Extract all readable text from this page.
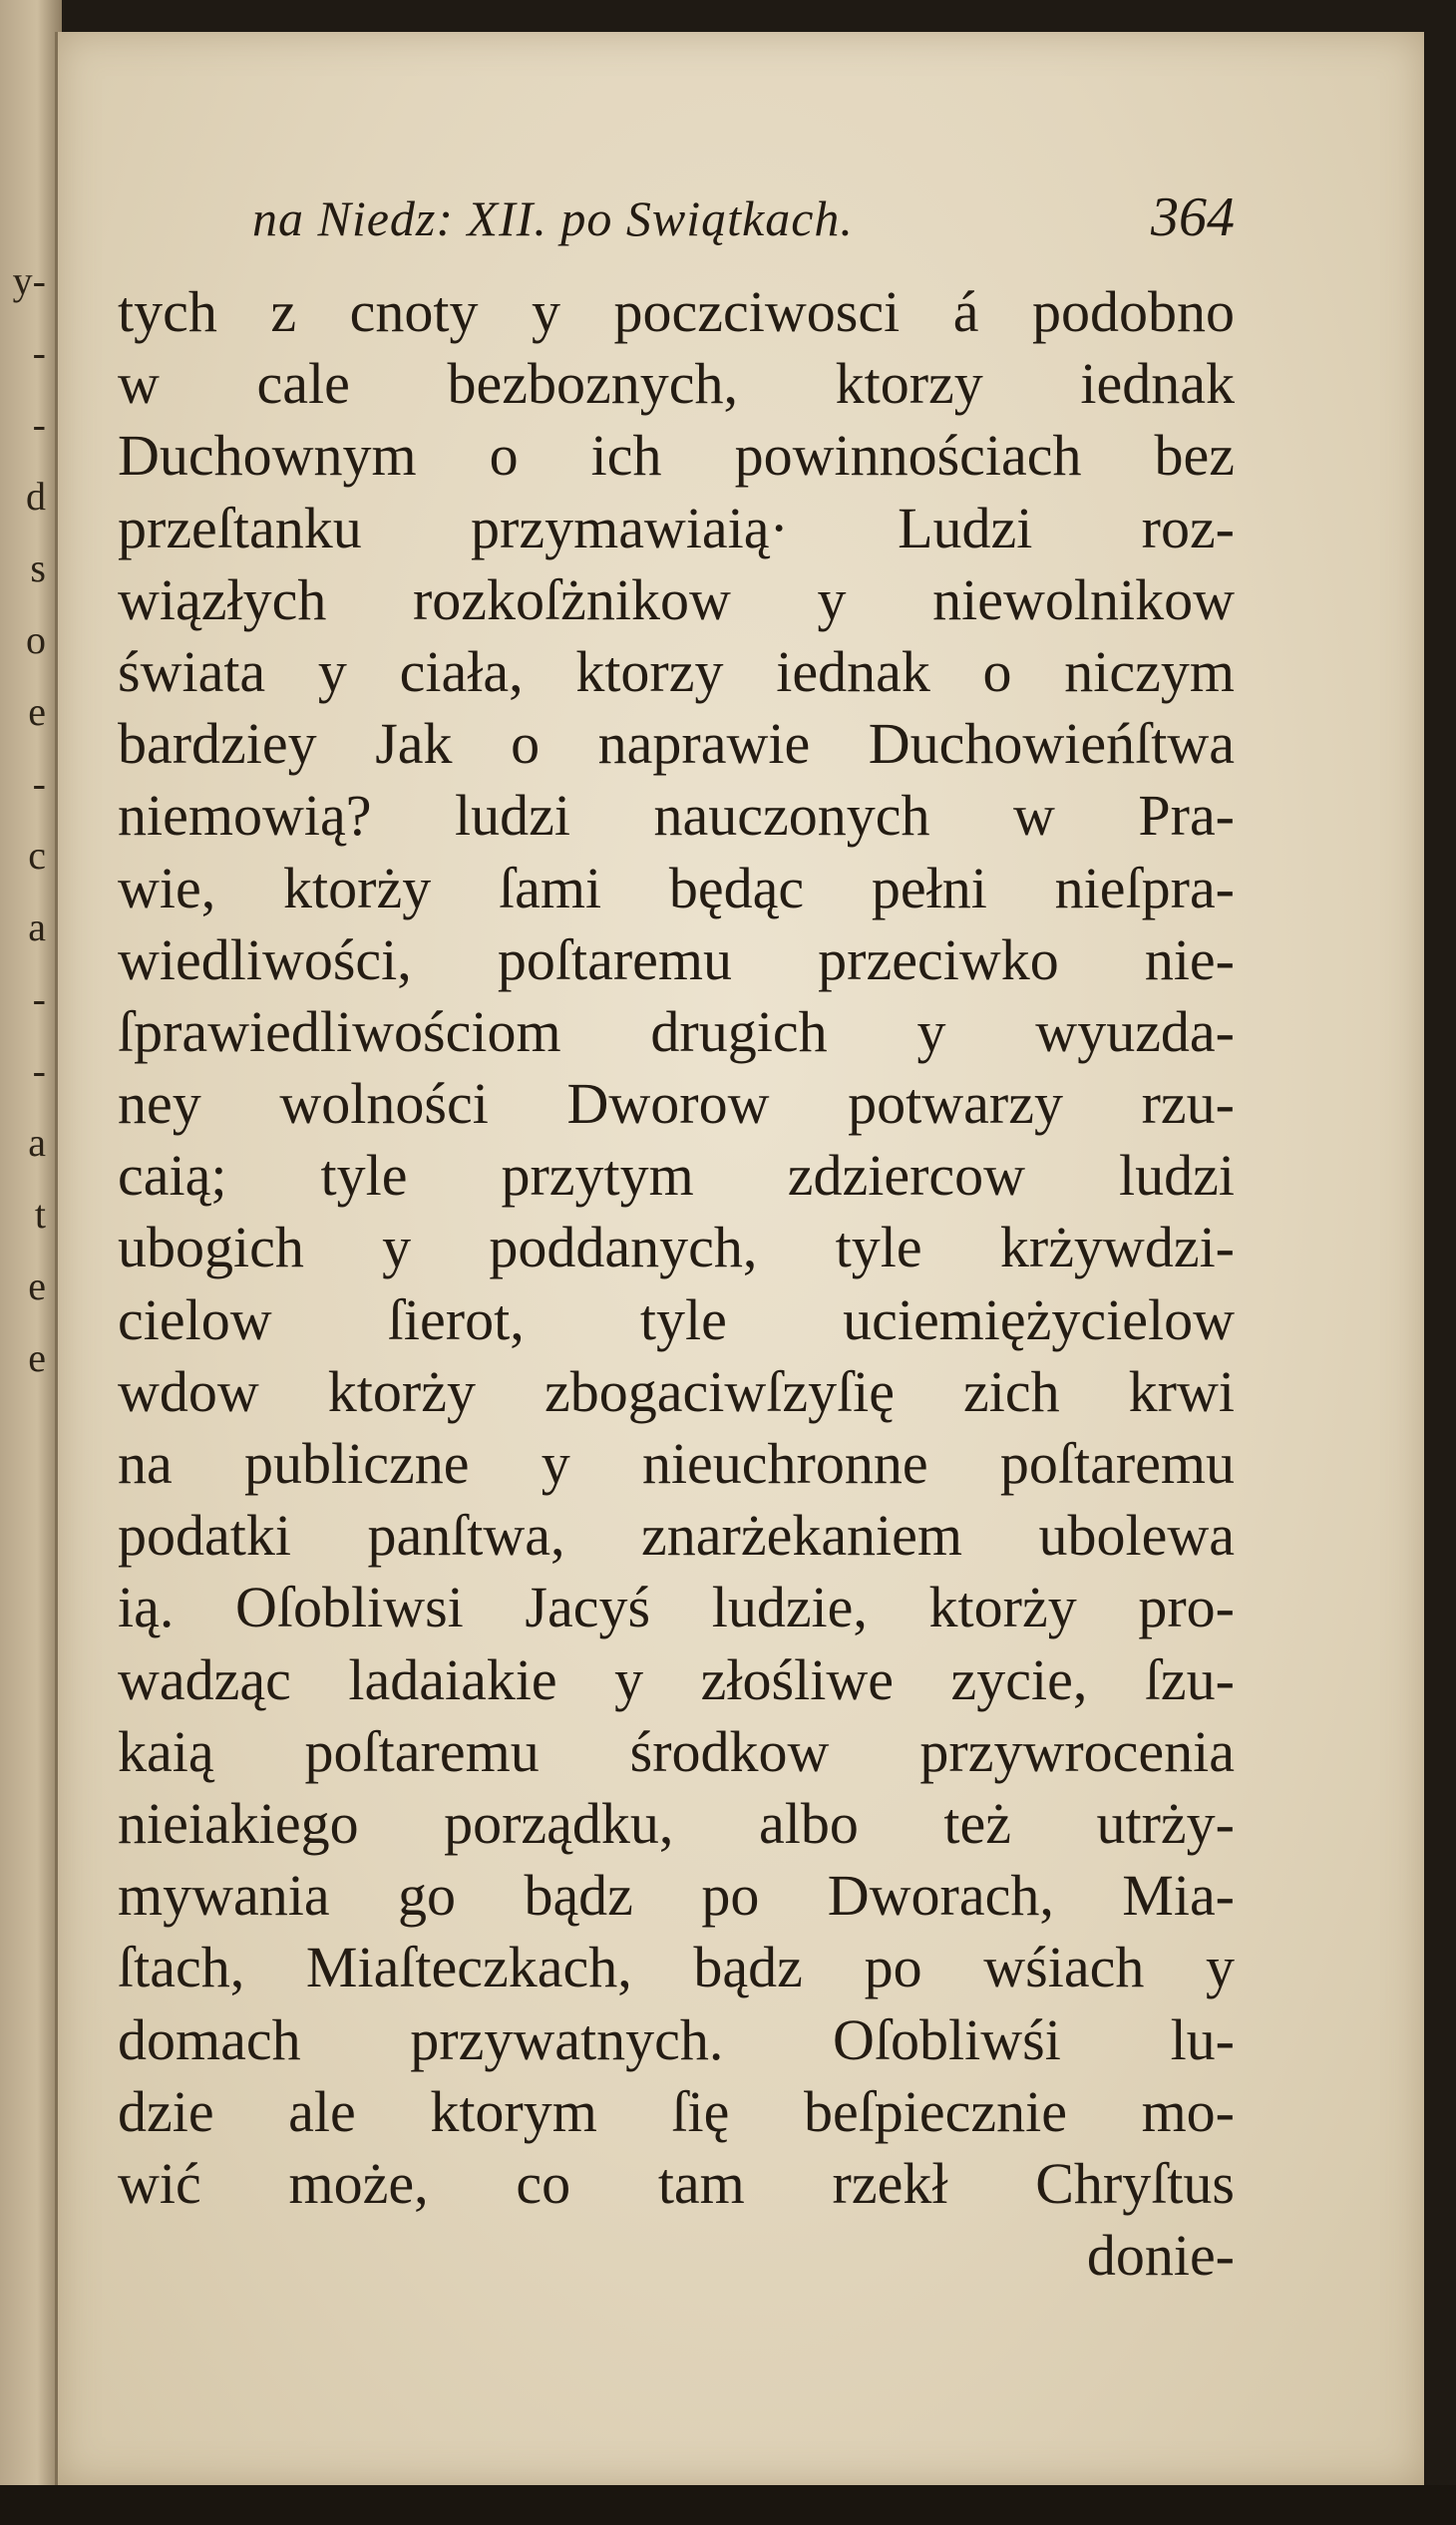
y-
-
-
d
s
o
e
-
c
a
-
-
a
t
e
e
na Niedz: XII. po Swiątkach.	364
tych z cnoty y poczciwosci á podobno
w cale bezboznych, ktorzy iednak
Duchownym o ich powinnościach bez
przeſtanku przymawiaią· Ludzi roz-
wiązłych rozkoſżnikow y niewolnikow
świata y ciała, ktorzy iednak o niczym
bardziey Jak o naprawie Duchowieńſtwa
niemowią? ludzi nauczonych w Pra-
wie, ktorży ſami będąc pełni nieſpra-
wiedliwości, poſtaremu przeciwko nie-
ſprawiedliwościom drugich y wyuzda-
ney wolności Dworow potwarzy rzu-
caią; tyle przytym zdziercow ludzi
ubogich y poddanych, tyle krżywdzi-
cielow ſierot, tyle uciemiężycielow
wdow ktorży zbogaciwſzyſię zich krwi
na publiczne y nieuchronne poſtaremu
podatki panſtwa, znarżekaniem ubolewa
ią. Oſobliwsi Jacyś ludzie, ktorży pro-
wadząc ladaiakie y złośliwe zycie, ſzu-
kaią poſtaremu środkow przywrocenia
nieiakiego porządku, albo też utrży-
mywania go bądz po Dworach, Mia-
ſtach, Miaſteczkach, bądz po wśiach y
domach przywatnych. Oſobliwśi lu-
dzie ale ktorym ſię beſpiecznie mo-
wić może, co tam rzekł Chryſtus
donie-
